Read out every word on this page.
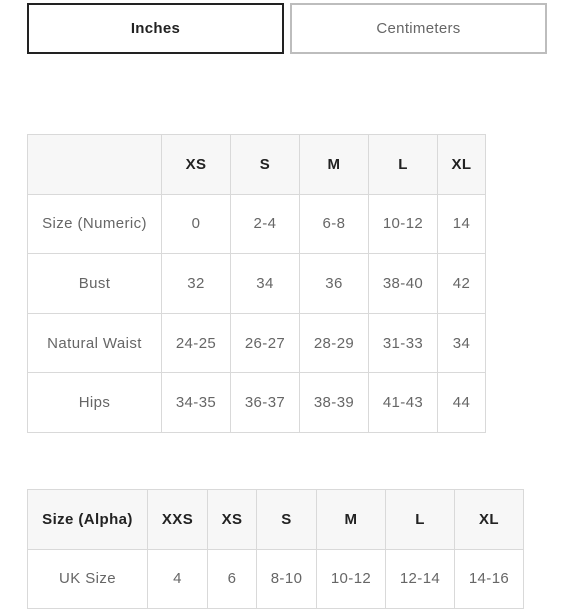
Inches	Centimeters
	XS	S	M	L	XL
Size (Numeric)	0	2-4	6-8	10-12	14
Bust	32	34	36	38-40	42
Natural Waist	24-25	26-27	28-29	31-33	34
Hips	34-35	36-37	38-39	41-43	44
Size (Alpha)	XXS	XS	S	M	L	XL
UK Size	4	6	8-10	10-12	12-14	14-16
